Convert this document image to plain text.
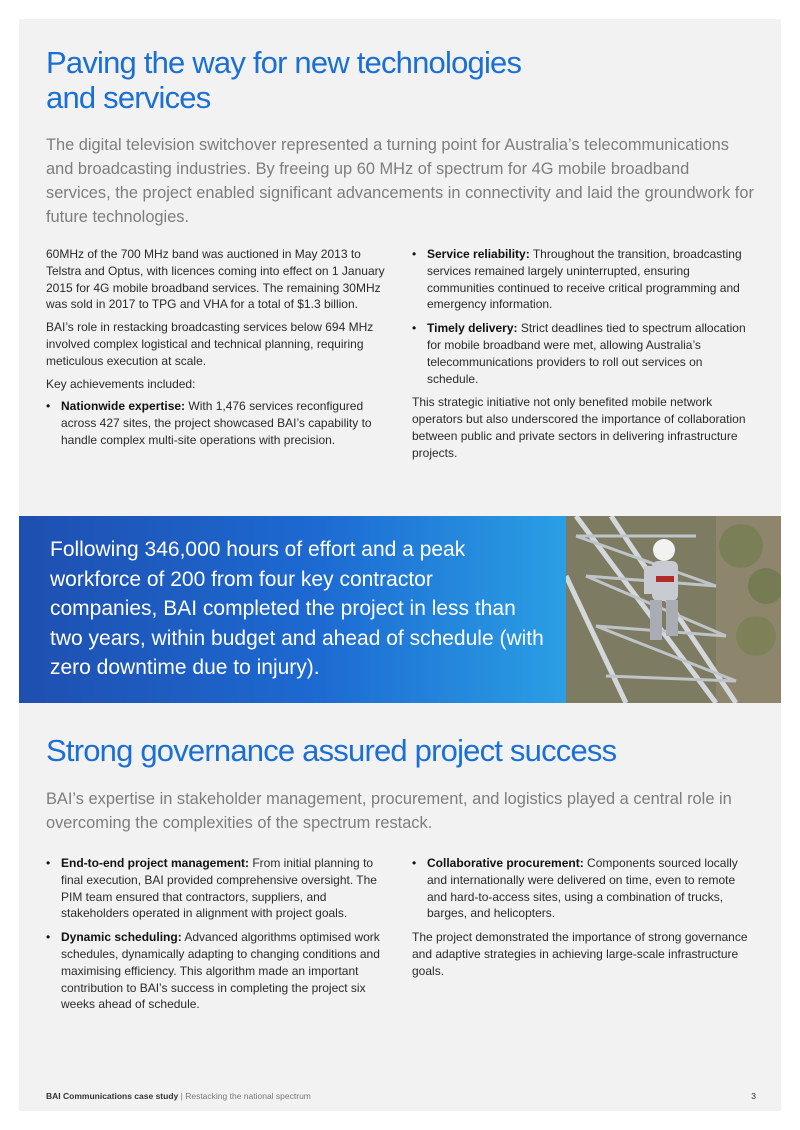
Paving the way for new technologies and services

The digital television switchover represented a turning point for Australia’s telecommunications and broadcasting industries. By freeing up 60 MHz of spectrum for 4G mobile broadband services, the project enabled significant advancements in connectivity and laid the groundwork for future technologies.

60MHz of the 700 MHz band was auctioned in May 2013 to Telstra and Optus, with licences coming into effect on 1 January 2015 for 4G mobile broadband services. The remaining 30MHz was sold in 2017 to TPG and VHA for a total of $1.3 billion.

BAI’s role in restacking broadcasting services below 694 MHz involved complex logistical and technical planning, requiring meticulous execution at scale.

Key achievements included:

• Nationwide expertise: With 1,476 services reconfigured across 427 sites, the project showcased BAI’s capability to handle complex multi-site operations with precision.
• Service reliability: Throughout the transition, broadcasting services remained largely uninterrupted, ensuring communities continued to receive critical programming and emergency information.
• Timely delivery: Strict deadlines tied to spectrum allocation for mobile broadband were met, allowing Australia’s telecommunications providers to roll out services on schedule.

This strategic initiative not only benefited mobile network operators but also underscored the importance of collaboration between public and private sectors in delivering infrastructure projects.

Following 346,000 hours of effort and a peak workforce of 200 from four key contractor companies, BAI completed the project in less than two years, within budget and ahead of schedule (with zero downtime due to injury).

Strong governance assured project success

BAI’s expertise in stakeholder management, procurement, and logistics played a central role in overcoming the complexities of the spectrum restack.

• End-to-end project management: From initial planning to final execution, BAI provided comprehensive oversight. The PIM team ensured that contractors, suppliers, and stakeholders operated in alignment with project goals.
• Dynamic scheduling: Advanced algorithms optimised work schedules, dynamically adapting to changing conditions and maximising efficiency. This algorithm made an important contribution to BAI’s success in completing the project six weeks ahead of schedule.
• Collaborative procurement: Components sourced locally and internationally were delivered on time, even to remote and hard-to-access sites, using a combination of trucks, barges, and helicopters.

The project demonstrated the importance of strong governance and adaptive strategies in achieving large-scale infrastructure goals.

BAI Communications case study | Restacking the national spectrum	3
